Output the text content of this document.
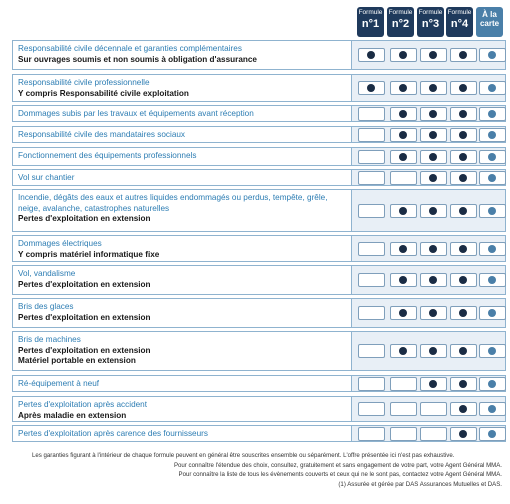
Formule
n°1
Formule
n°2
Formule
n°3
Formule
n°4
À la
carte
Responsabilité civile décennale et garanties complémentaires
Sur ouvrages soumis et non soumis à obligation d'assurance
Responsabilité civile professionnelle
Y compris Responsabilité civile exploitation
Dommages subis par les travaux et équipements avant réception
Responsabilité civile des mandataires sociaux
Fonctionnement des équipements professionnels
Vol sur chantier
Incendie, dégâts des eaux et autres liquides endommagés ou perdus, tempête, grêle, neige, avalanche, catastrophes naturelles
Pertes d'exploitation en extension
Dommages électriques
Y compris matériel informatique fixe
Vol, vandalisme
Pertes d'exploitation en extension
Bris des glaces
Pertes d'exploitation en extension
Bris de machines
Pertes d'exploitation en extension
Matériel portable en extension
Ré-équipement à neuf
Pertes d'exploitation après accident
Après maladie en extension
Pertes d'exploitation après carence des fournisseurs

Les garanties figurant à l'intérieur de chaque formule peuvent en général être souscrites ensemble ou séparément. L'offre présentée ici n'est pas exhaustive.

Pour connaître l'étendue des choix, consultez, gratuitement et sans engagement de votre part, votre Agent Général MMA.

Pour connaître la liste de tous les évènements couverts et ceux qui ne le sont pas, contactez votre Agent Général MMA.

(1) Assurée et gérée par DAS Assurances Mutuelles et DAS.
